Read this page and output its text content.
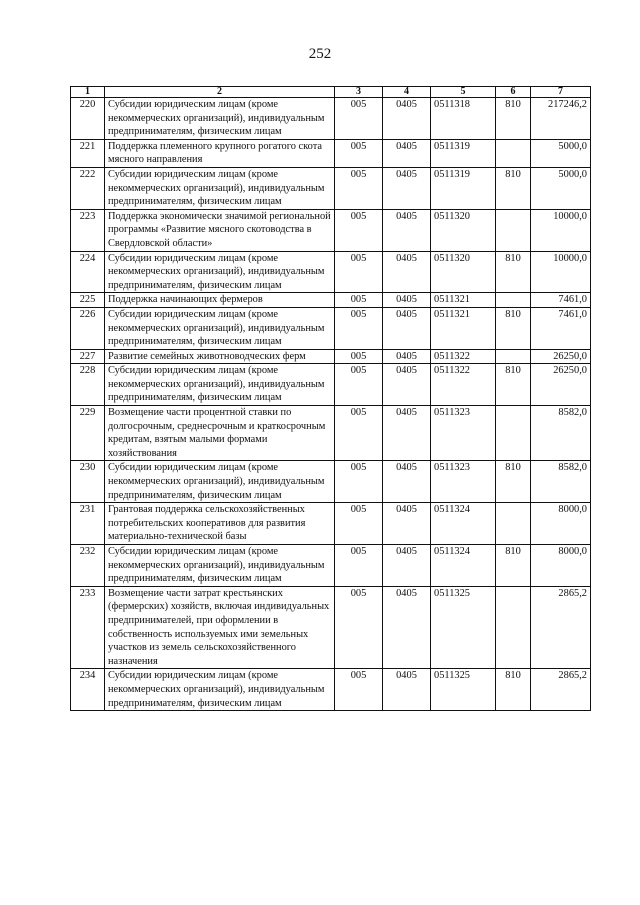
252
1	2	3	4	5	6	7
220	Субсидии юридическим лицам (кроме некоммерческих организаций), индивидуальным предпринимателям, физическим лицам	005	0405	0511318	810	217246,2
221	Поддержка племенного крупного рогатого скота мясного направления	005	0405	0511319		5000,0
222	Субсидии юридическим лицам (кроме некоммерческих организаций), индивидуальным предпринимателям, физическим лицам	005	0405	0511319	810	5000,0
223	Поддержка экономически значимой региональной программы «Развитие мясного скотоводства в Свердловской области»	005	0405	0511320		10000,0
224	Субсидии юридическим лицам (кроме некоммерческих организаций), индивидуальным предпринимателям, физическим лицам	005	0405	0511320	810	10000,0
225	Поддержка начинающих фермеров	005	0405	0511321		7461,0
226	Субсидии юридическим лицам (кроме некоммерческих организаций), индивидуальным предпринимателям, физическим лицам	005	0405	0511321	810	7461,0
227	Развитие семейных животноводческих ферм	005	0405	0511322		26250,0
228	Субсидии юридическим лицам (кроме некоммерческих организаций), индивидуальным предпринимателям, физическим лицам	005	0405	0511322	810	26250,0
229	Возмещение части процентной ставки по долгосрочным, среднесрочным и краткосрочным кредитам, взятым малыми формами хозяйствования	005	0405	0511323		8582,0
230	Субсидии юридическим лицам (кроме некоммерческих организаций), индивидуальным предпринимателям, физическим лицам	005	0405	0511323	810	8582,0
231	Грантовая поддержка сельскохозяйственных потребительских кооперативов для развития материально-технической базы	005	0405	0511324		8000,0
232	Субсидии юридическим лицам (кроме некоммерческих организаций), индивидуальным предпринимателям, физическим лицам	005	0405	0511324	810	8000,0
233	Возмещение части затрат крестьянских (фермерских) хозяйств, включая индивидуальных предпринимателей, при оформлении в собственность используемых ими земельных участков из земель сельскохозяйственного назначения	005	0405	0511325		2865,2
234	Субсидии юридическим лицам (кроме некоммерческих организаций), индивидуальным предпринимателям, физическим лицам	005	0405	0511325	810	2865,2
